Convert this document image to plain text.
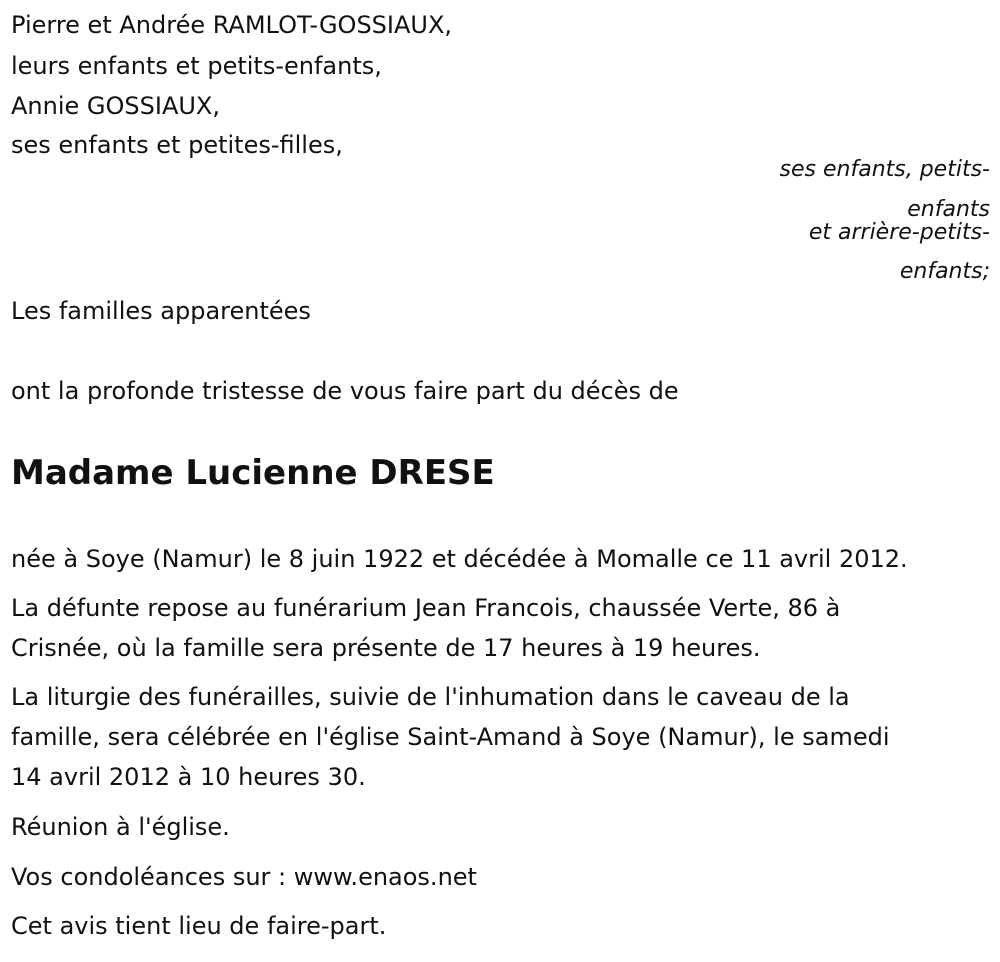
Pierre et Andrée RAMLOT-GOSSIAUX,
leurs enfants et petits-enfants,
Annie GOSSIAUX,
ses enfants et petites-filles,
ses enfants, petits-
enfants
et arrière-petits-
enfants;
Les familles apparentées
ont la profonde tristesse de vous faire part du décès de
Madame Lucienne DRESE
née à Soye (Namur) le 8 juin 1922 et décédée à Momalle ce 11 avril 2012.
La défunte repose au funérarium Jean Francois, chaussée Verte, 86 à
Crisnée, où la famille sera présente de 17 heures à 19 heures.
La liturgie des funérailles, suivie de l'inhumation dans le caveau de la
famille, sera célébrée en l'église Saint-Amand à Soye (Namur), le samedi
14 avril 2012 à 10 heures 30.
Réunion à l'église.
Vos condoléances sur : www.enaos.net
Cet avis tient lieu de faire-part.
